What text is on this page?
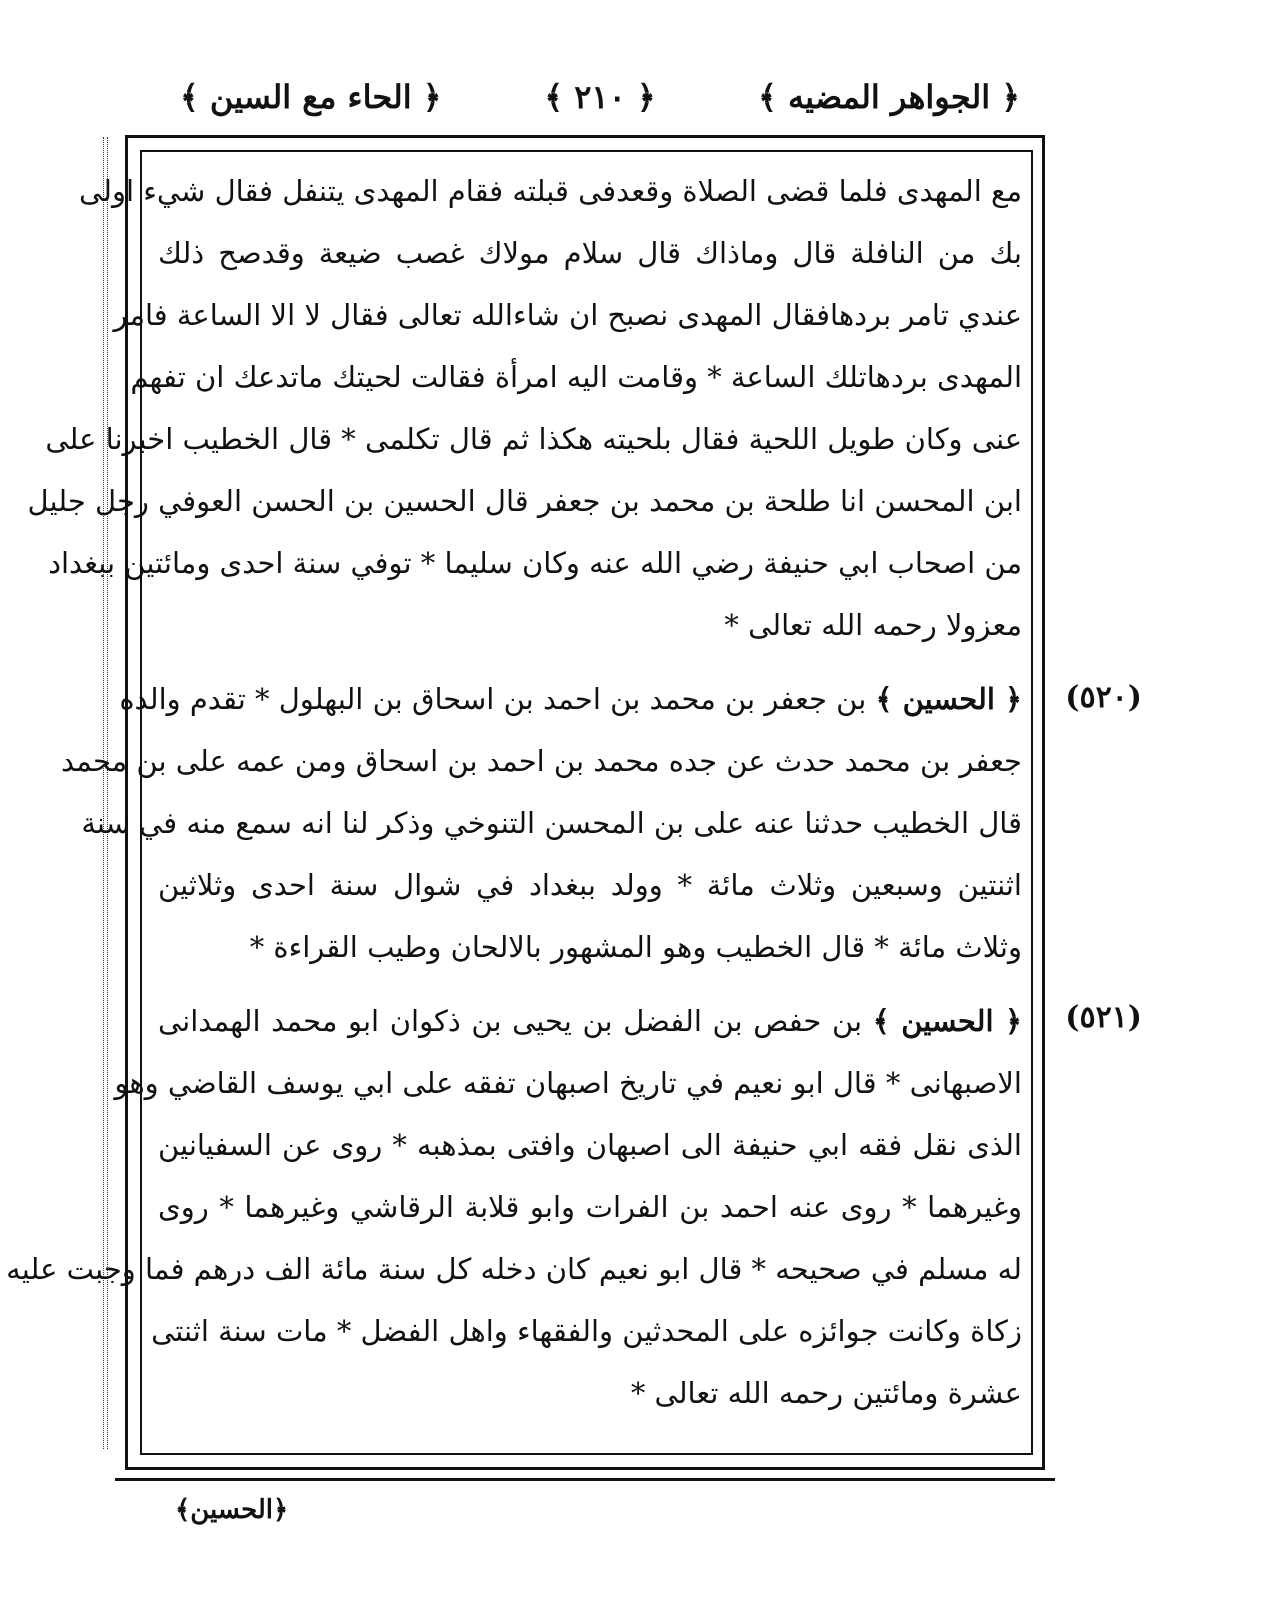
﴿ الجواهر المضيه ﴾
﴿ ٢١٠ ﴾
﴿ الحاء مع السين ﴾
مع المهدى فلما قضى الصلاة وقعدفى قبلته فقام المهدى يتنفل فقال شيء اولى
بك من النافلة قال وماذاك قال سلام مولاك غصب ضيعة وقدصح ذلك
عندي تامر بردهافقال المهدى نصبح ان شاءالله تعالى فقال لا الا الساعة فامر
المهدى بردهاتلك الساعة * وقامت اليه امرأة فقالت لحيتك ماتدعك ان تفهم
عنى وكان طويل اللحية فقال بلحيته هكذا ثم قال تكلمى * قال الخطيب اخبرنا على
ابن المحسن انا طلحة بن محمد بن جعفر قال الحسين بن الحسن العوفي رجل جليل
من اصحاب ابي حنيفة رضي الله عنه وكان سليما * توفي سنة احدى ومائتين ببغداد
معزولا رحمه الله تعالى *
﴿ الحسين ﴾ بن جعفر بن محمد بن احمد بن اسحاق بن البهلول * تقدم والده
جعفر بن محمد حدث عن جده محمد بن احمد بن اسحاق ومن عمه على بن محمد
قال الخطيب حدثنا عنه على بن المحسن التنوخي وذكر لنا انه سمع منه في سنة
اثنتين وسبعين وثلاث مائة * وولد ببغداد في شوال سنة احدى وثلاثين
وثلاث مائة * قال الخطيب وهو المشهور بالالحان وطيب القراءة *
﴿ الحسين ﴾ بن حفص بن الفضل بن يحيى بن ذكوان ابو محمد الهمدانى
الاصبهانى * قال ابو نعيم في تاريخ اصبهان تفقه على ابي يوسف القاضي وهو
الذى نقل فقه ابي حنيفة الى اصبهان وافتى بمذهبه * روى عن السفيانين
وغيرهما * روى عنه احمد بن الفرات وابو قلابة الرقاشي وغيرهما * روى
له مسلم في صحيحه * قال ابو نعيم كان دخله كل سنة مائة الف درهم فما وجبت عليه
زكاة وكانت جوائزه على المحدثين والفقهاء واهل الفضل * مات سنة اثنتى
عشرة ومائتين رحمه الله تعالى *
(٥٢٠)
(٥٢١)
﴿الحسين﴾
